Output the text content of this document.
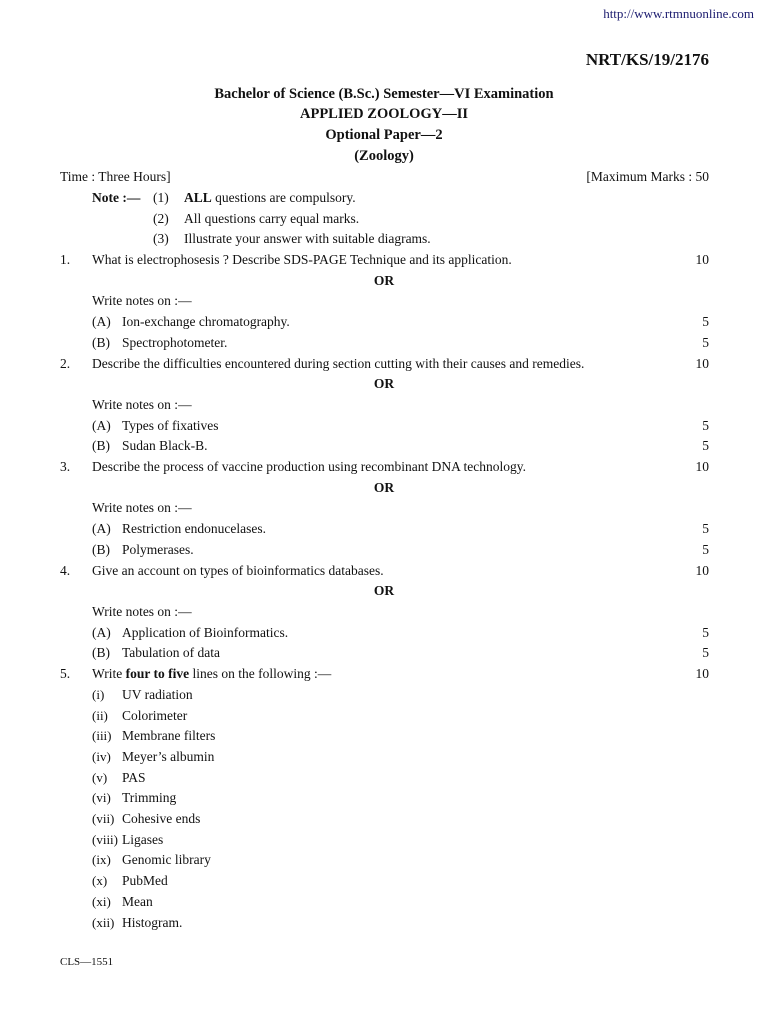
http://www.rtmnuonline.com
NRT/KS/19/2176
Bachelor of Science (B.Sc.) Semester—VI Examination
APPLIED ZOOLOGY—II
Optional Paper—2
(Zoology)
Time : Three Hours]	[Maximum Marks : 50
Note :— (1) ALL questions are compulsory.
(2) All questions carry equal marks.
(3) Illustrate your answer with suitable diagrams.
1. What is electrophosesis ? Describe SDS-PAGE Technique and its application.	10
OR
Write notes on :—
(A) Ion-exchange chromatography.	5
(B) Spectrophotometer.	5
2. Describe the difficulties encountered during section cutting with their causes and remedies.	10
OR
Write notes on :—
(A) Types of fixatives	5
(B) Sudan Black-B.	5
3. Describe the process of vaccine production using recombinant DNA technology.	10
OR
Write notes on :—
(A) Restriction endonucelases.	5
(B) Polymerases.	5
4. Give an account on types of bioinformatics databases.	10
OR
Write notes on :—
(A) Application of Bioinformatics.	5
(B) Tabulation of data	5
5. Write four to five lines on the following :—	10
(i)	UV radiation
(ii)	Colorimeter
(iii) Membrane filters
(iv) Meyer’s albumin
(v)	PAS
(vi) Trimming
(vii) Cohesive ends
(viii) Ligases
(ix) Genomic library
(x)	PubMed
(xi) Mean
(xii) Histogram.
CLS—1551
